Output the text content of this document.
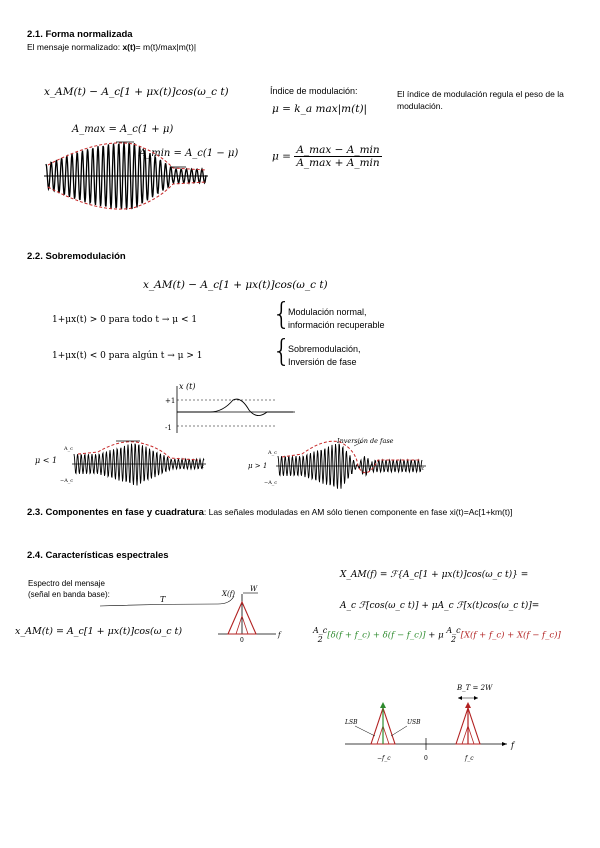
2.1. Forma normalizada
El mensaje normalizado: x(t)= m(t)/max|m(t)|
x_AM(t) − A_c[1 + μx(t)]cos(ω_c t)	Índice de modulación:
μ = k_a max|m(t)|
$\mu = \frac{A\_\max - A\_\min}{A\_\max + A\_\min}$
El índice de modulación regula el peso de la modulación.
A_max = A_c(1 + μ)
A_min = A_c(1 − μ)
2.2. Sobremodulación
x_AM(t) − A_c[1 + μx(t)]cos(ω_c t)
1+μx(t) > 0 para todo t → μ < 1 {
Modulación normal,
información recuperable
1+μx(t) < 0 para algún t → μ > 1 {
Sobremodulación,
Inversión de fase
x (t)
+1
-1
μ < 1
A_c
−A_c
t	μ > 1
Inversión de fase
A_c
−A_c
t
2.3. Componentes en fase y cuadratura: Las señales moduladas en AM sólo tienen componente en fase xi(t)=Ac[1+km(t)]
2.4. Características espectrales
Espectro del mensaje
(señal en banda base):
T
X(f)
W
0
f
x_AM(t) = A_c[1 + μx(t)]cos(ω_c t)
X_AM(f) = ℱ{A_c[1 + μx(t)]cos(ω_c t)} =
A_c ℱ[cos(ω_c t)] + μA_c ℱ[x(t)cos(ω_c t)]=
A_c
2 [δ(f + f_c) + δ(f − f_c)] + μ A_c
2 [X(f + f_c) + X(f − f_c)]
B_T = 2W
f
0
LSB	USB
−f_c	f_c
